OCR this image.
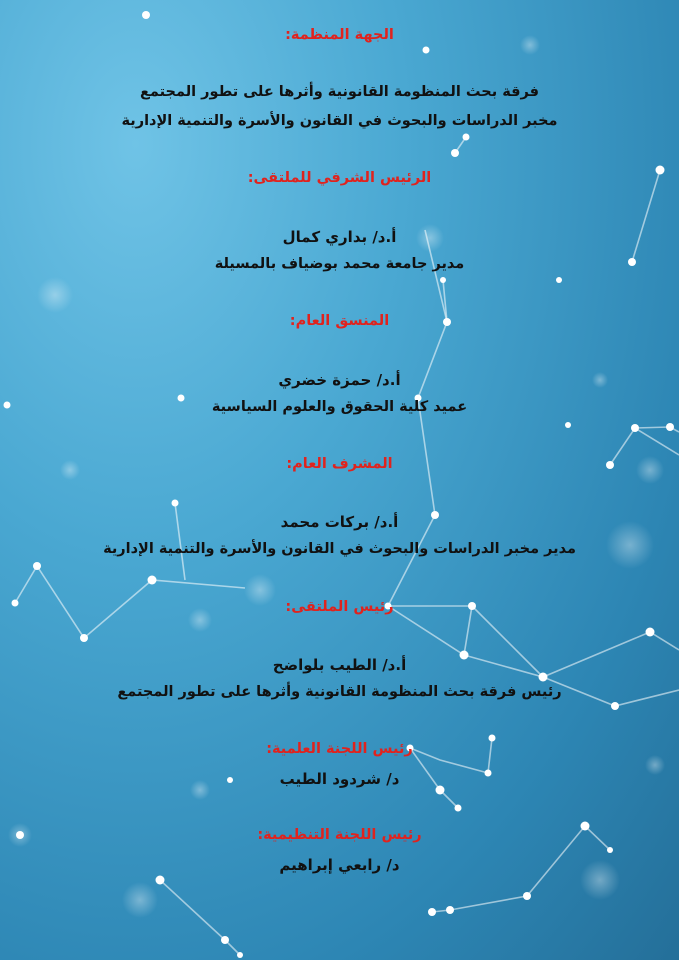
الجهة المنظمة:
فرقة بحث المنظومة القانونية وأثرها على تطور المجتمع
مخبر الدراسات والبحوث في القانون والأسرة والتنمية الإدارية
الرئيس الشرفي للملتقى:
أ.د/ بداري كمال
مدير جامعة محمد بوضياف بالمسيلة
المنسق العام:
أ.د/ حمزة خضري
عميد كلية الحقوق والعلوم السياسية
المشرف العام:
أ.د/ بركات محمد
مدير مخبر الدراسات والبحوث في القانون والأسرة والتنمية الإدارية
رئيس الملتقى:
أ.د/ الطيب بلواضح
رئيس فرقة بحث المنظومة القانونية وأثرها على تطور المجتمع
رئيس اللجنة العلمية:
د/ شردود الطيب
رئيس اللجنة التنظيمية:
د/ رابعي إبراهيم
